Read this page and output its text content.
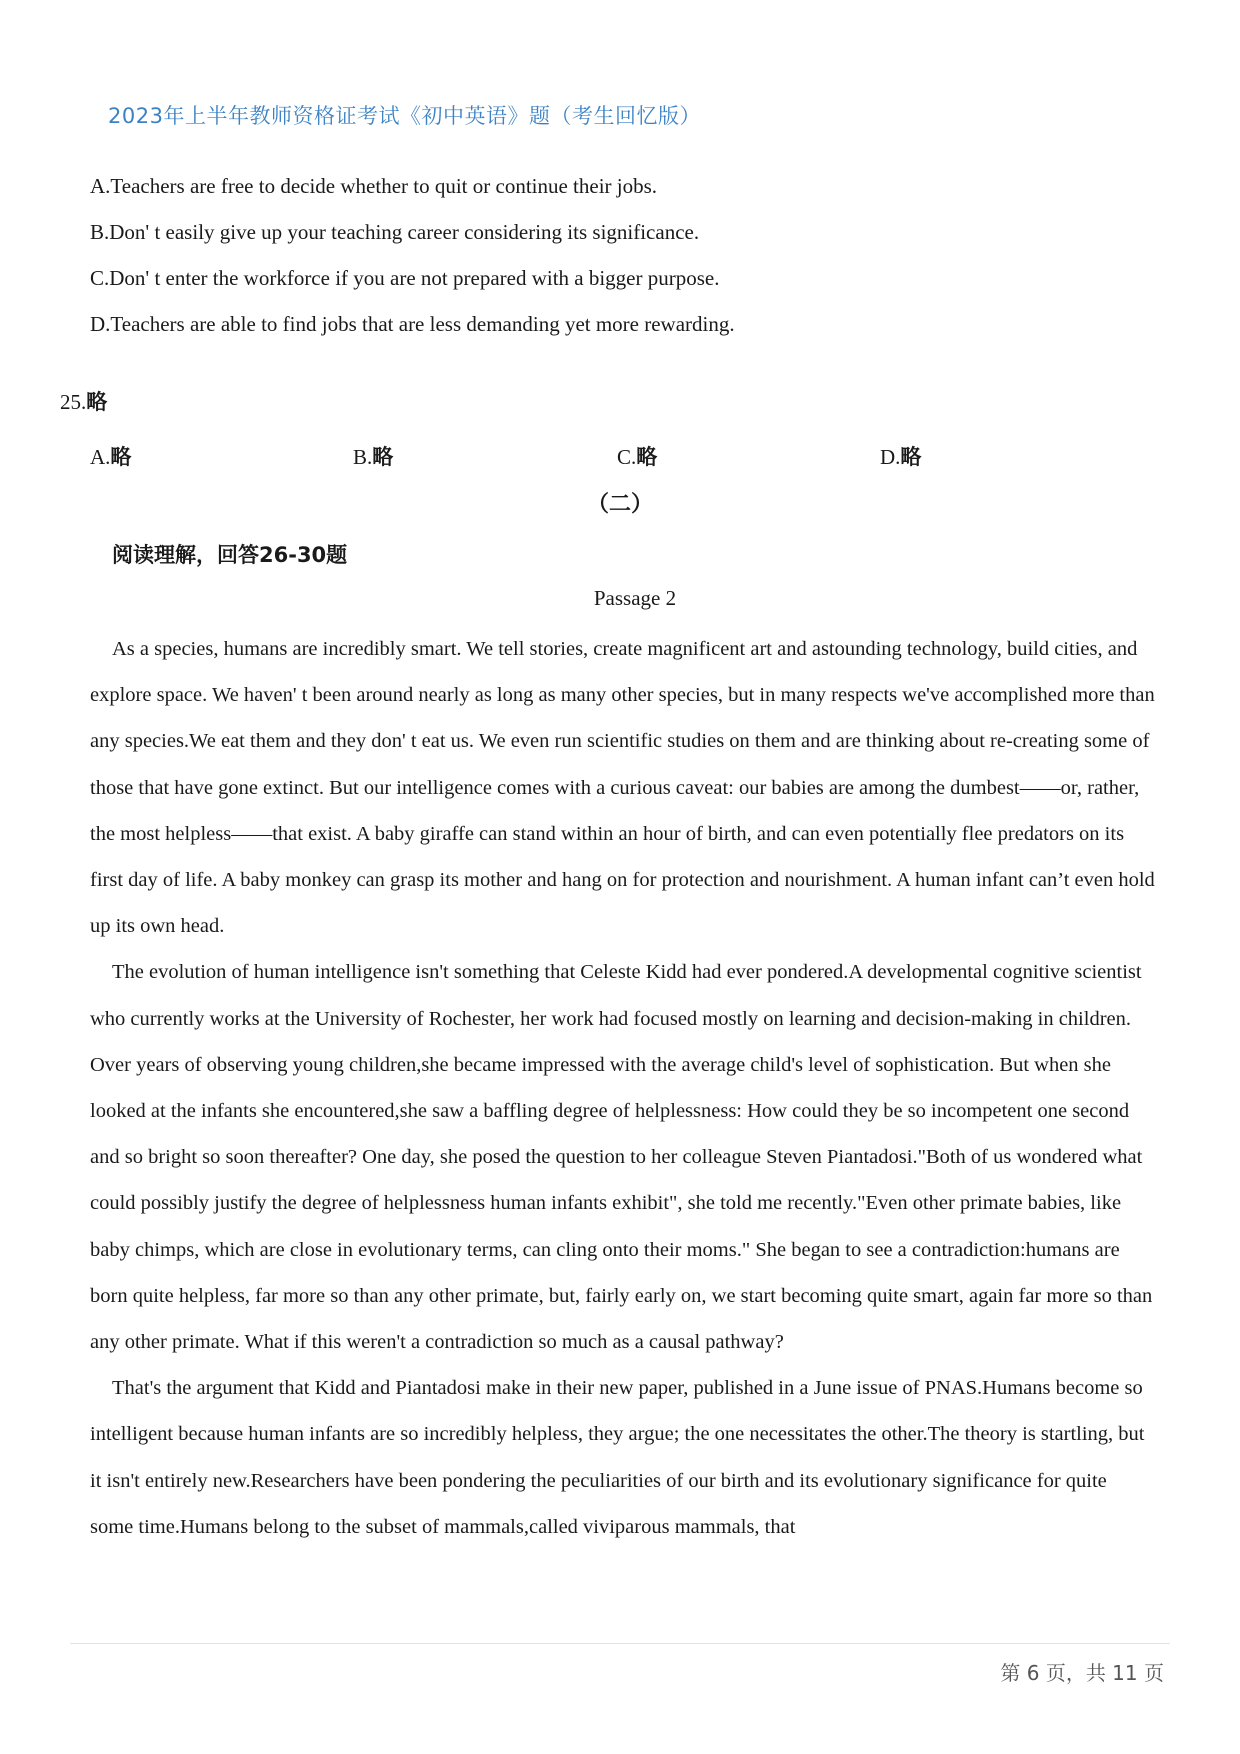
2023年上半年教师资格证考试《初中英语》题（考生回忆版）
A.Teachers are free to decide whether to quit or continue their jobs.
B.Don' t easily give up your teaching career considering its significance.
C.Don' t enter the workforce if you are not prepared with a bigger purpose.
D.Teachers are able to find jobs that are less demanding yet more rewarding.
25.略
A.略	B.略	C.略	D.略
（二）
阅读理解，回答26-30题
Passage 2

As a species, humans are incredibly smart. We tell stories, create magnificent art and astounding technology, build cities, and explore space. We haven' t been around nearly as long as many other species, but in many respects we've accomplished more than any species.We eat them and they don' t eat us. We even run scientific studies on them and are thinking about re-creating some of those that have gone extinct. But our intelligence comes with a curious caveat: our babies are among the dumbest——or, rather, the most helpless——that exist. A baby giraffe can stand within an hour of birth, and can even potentially flee predators on its first day of life. A baby monkey can grasp its mother and hang on for protection and nourishment. A human infant can’t even hold up its own head.

The evolution of human intelligence isn't something that Celeste Kidd had ever pondered.A developmental cognitive scientist who currently works at the University of Rochester, her work had focused mostly on learning and decision-making in children. Over years of observing young children,she became impressed with the average child's level of sophistication. But when she looked at the infants she encountered,she saw a baffling degree of helplessness: How could they be so incompetent one second and so bright so soon thereafter? One day, she posed the question to her colleague Steven Piantadosi."Both of us wondered what could possibly justify the degree of helplessness human infants exhibit", she told me recently."Even other primate babies, like baby chimps, which are close in evolutionary terms, can cling onto their moms." She began to see a contradiction:humans are born quite helpless, far more so than any other primate, but, fairly early on, we start becoming quite smart, again far more so than any other primate. What if this weren't a contradiction so much as a causal pathway?

That's the argument that Kidd and Piantadosi make in their new paper, published in a June issue of PNAS.Humans become so intelligent because human infants are so incredibly helpless, they argue; the one necessitates the other.The theory is startling, but it isn't entirely new.Researchers have been pondering the peculiarities of our birth and its evolutionary significance for quite some time.Humans belong to the subset of mammals,called viviparous mammals, that

第 6 页，共 11 页
